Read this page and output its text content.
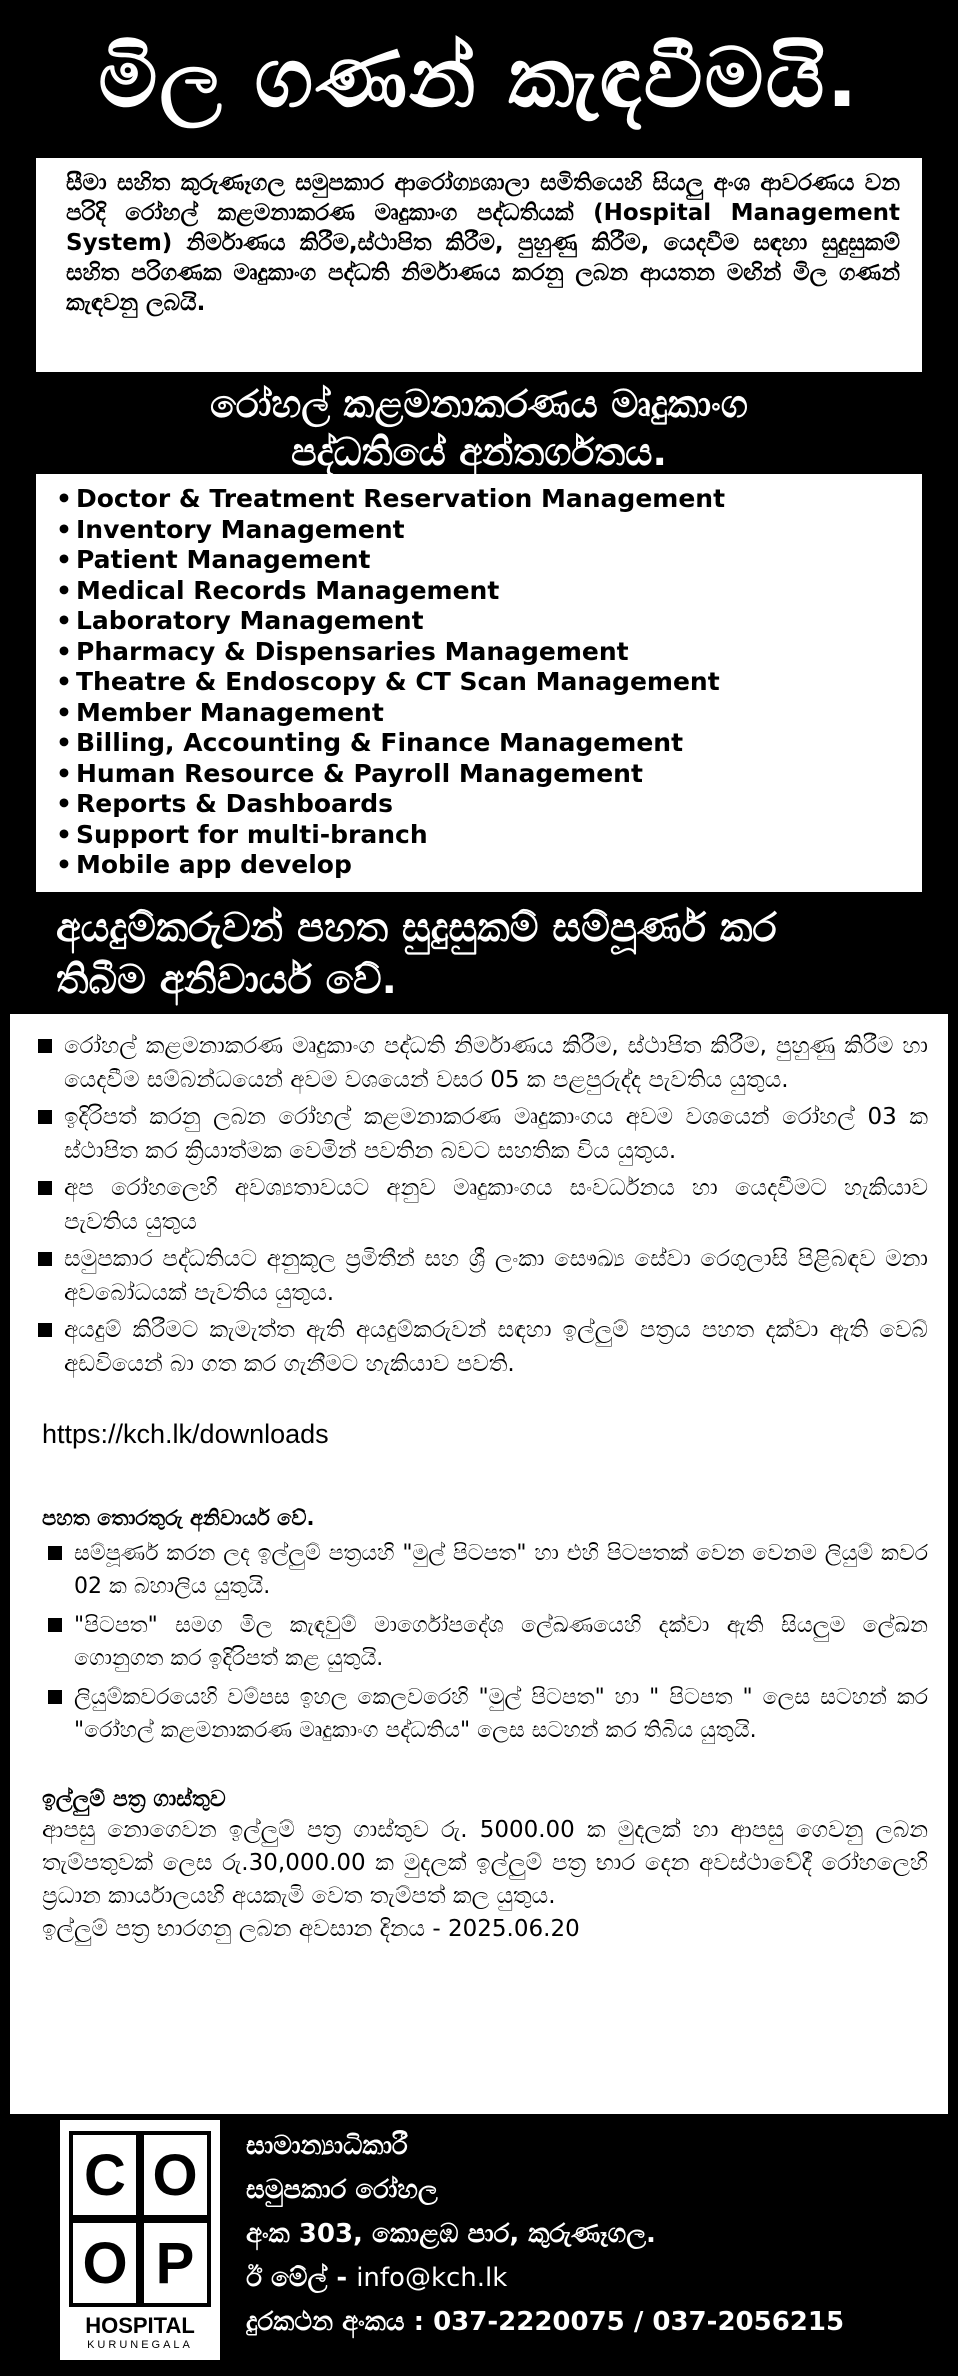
මිල ගණන් කැඳවීමයි.

සීමා සහිත කුරුණෑගල සමුපකාර ආරෝග්‍යශාලා සමිතියෙහි සියලු අංශ ආවරණය වන පරිදි රෝහල් කළමනාකරණ මෘදුකාංග පද්ධතියක් (Hospital Management System) නිර්මාණය කිරීම,ස්ථාපිත කිරීම, පුහුණු කිරීම, යෙදවීම සඳහා සුදුසුකම් සහිත පරිගණක මෘදුකාංග පද්ධති නිර්මාණය කරනු ලබන ආයතන මඟින් මිල ගණන් කැඳවනු ලබයි.

රෝහල් කළමනාකරණය මෘදුකාංග
පද්ධතියේ අන්තර්ගතය.
• Doctor & Treatment Reservation Management
• Inventory Management
• Patient Management
• Medical Records Management
• Laboratory Management
• Pharmacy & Dispensaries Management
• Theatre & Endoscopy & CT Scan Management
• Member Management
• Billing, Accounting & Finance Management
• Human Resource & Payroll Management
• Reports & Dashboards
• Support for multi-branch
• Mobile app develop
අයදුම්කරුවන් පහත සුදුසුකම් සම්පූර්ණ කර
තිබීම අනිවාර්ය වේ.
රෝහල් කළමනාකරණ මෘදුකාංග පද්ධති නිර්මාණය කිරීම, ස්ථාපිත කිරීම, පුහුණු කිරීම හා යෙදවීම සම්බන්ධයෙන් අවම වශයෙන් වසර 05 ක පළපුරුද්ද පැවතිය යුතුය.
ඉදිරිපත් කරනු ලබන රෝහල් කළමනාකරණ මෘදුකාංගය අවම වශයෙන් රෝහල් 03 ක ස්ථාපිත කර ක්‍රියාත්මක වෙමින් පවතින බවට සහතික විය යුතුය.
අප රෝහලෙහි අවශ්‍යතාවයට අනුව මෘදුකාංගය සංවර්ධනය හා යෙදවීමට හැකියාව පැවතිය යුතුය
සමුපකාර පද්ධතියට අනුකූල ප්‍රමිතීන් සහ ශ්‍රී ලංකා සෞඛ්‍ය සේවා රෙගුලාසි පිළිබඳව මනා අවබෝධයක් පැවතිය යුතුය.
අයදුම් කිරීමට කැමැත්ත ඇති අයදුම්කරුවන් සඳහා ඉල්ලුම් පත්‍රය පහත දක්වා ඇති වෙබ් අඩවියෙන් බා ගත කර ගැනීමට හැකියාව පවති.
https://kch.lk/downloads
පහත තොරතුරු අනිවාර්ය වේ.
සම්පූර්ණ කරන ලද ඉල්ලුම් පත්‍රයහි "මුල් පිටපත" හා එහි පිටපතක් වෙන වෙනම ලියුම් කවර 02 ක බහාලිය යුතුයි.
"පිටපත" සමග මිල කැඳවුම් මාර්ගෝපදේශ ලේඛණයෙහි දක්වා ඇති සියලුම ලේඛන ගොනුගත කර ඉදිරිපත් කළ යුතුයි.
ලියුම්කවරයෙහි වම්පස ඉහල කෙලවරෙහි "මුල් පිටපත" හා " පිටපත " ලෙස සටහන් කර "රෝහල් කළමනාකරණ මෘදුකාංග පද්ධතිය" ලෙස සටහන් කර තිබිය යුතුයි.
ඉල්ලුම් පත්‍ර ගාස්තුව
ආපසු නොගෙවන ඉල්ලුම් පත්‍ර ගාස්තුව රු. 5000.00 ක මුදලක් හා ආපසු ගෙවනු ලබන තැම්පතුවක් ලෙස රු.30,000.00 ක මුදලක් ඉල්ලුම් පත්‍ර භාර දෙන අවස්ථාවේදී රෝහලෙහි ප්‍රධාන කාර්යාලයහි අයකැමි වෙත තැම්පත් කල යුතුය.
ඉල්ලුම් පත්‍ර භාරගනු ලබන අවසාන දිනය - 2025.06.20
C O
O P
HOSPITAL
KURUNEGALA
සාමාන්‍යාධිකාරී
සමුපකාර රෝහල
අංක 303, කොළඹ පාර, කුරුණෑගල.
ඊ මේල් - info@kch.lk
දුරකථන අංකය : 037-2220075 / 037-2056215
